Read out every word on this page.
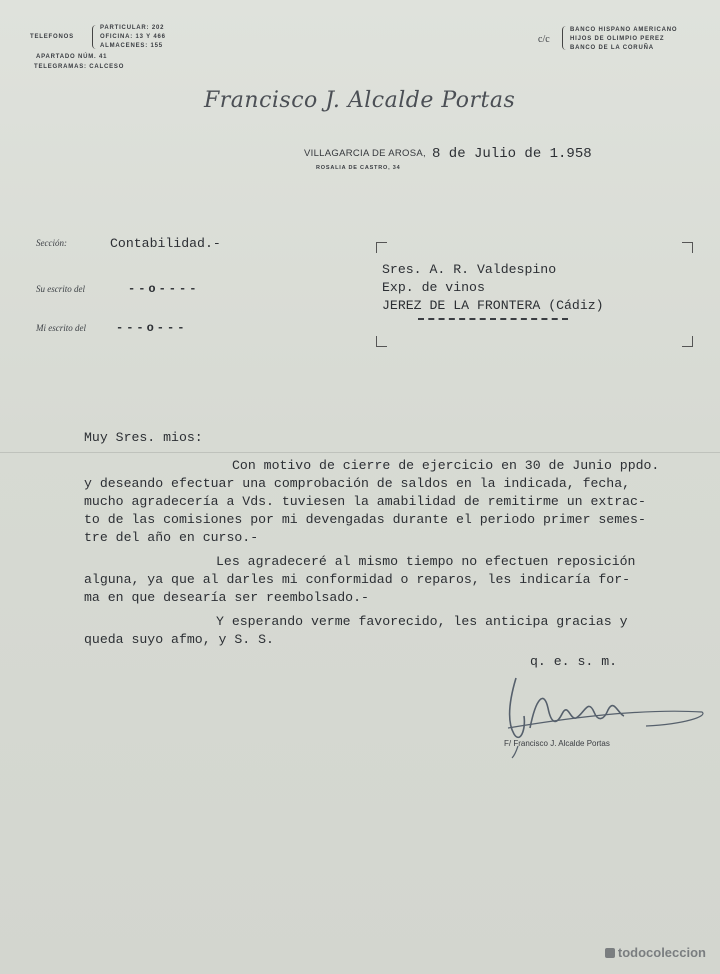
TELEFONOS
PARTICULAR: 202
OFICINA: 13 Y 466
ALMACENES: 155
APARTADO NÚM. 41
TELEGRAMAS: CALCESO
c/c
BANCO HISPANO AMERICANO
HIJOS DE OLIMPIO PEREZ
BANCO DE LA CORUÑA
Francisco J. Alcalde Portas
VILLAGARCIA DE AROSA, 8 de Julio de 1.958
ROSALIA DE CASTRO, 34
Sección:	Contabilidad.-
Su escrito del	--o----
Mi escrito del	---o---
Sres. A. R. Valdespino
Exp. de vinos
JEREZ DE LA FRONTERA (Cádiz)
Muy Sres. mios:
Con motivo de cierre de ejercicio en 30 de Junio ppdo.
y deseando efectuar una comprobación de saldos en la indicada, fecha,
mucho agradecería a Vds. tuviesen la amabilidad de remitirme un extrac-
to de las comisiones por mi devengadas durante el periodo primer semes-
tre del año en curso.-
Les agradeceré al mismo tiempo no efectuen reposición
alguna, ya que al darles mi conformidad o reparos, les indicaría for-
ma en que desearía ser reembolsado.-
Y esperando verme favorecido, les anticipa gracias y
queda suyo afmo, y S. S.
q. e. s. m.
F/ Francisco J. Alcalde Portas
todocoleccion
